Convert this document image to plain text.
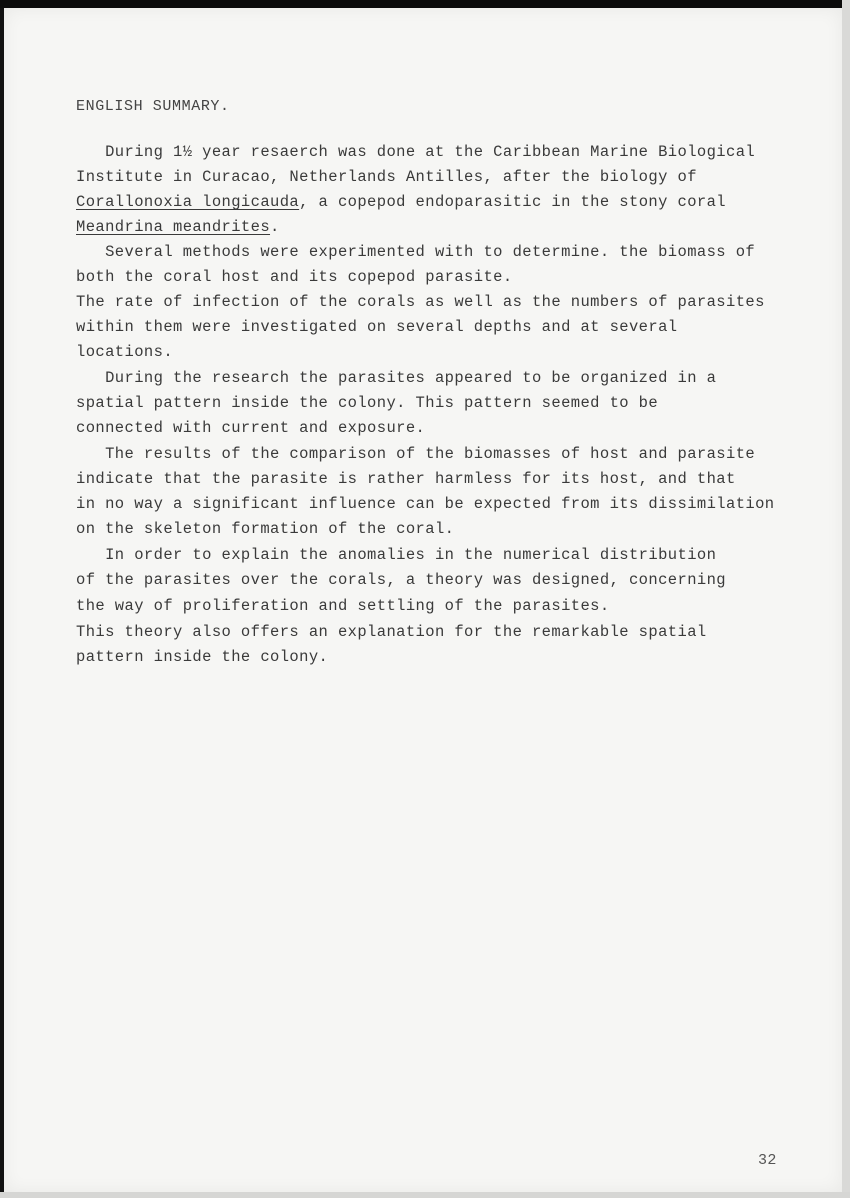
ENGLISH SUMMARY.
During 1½ year resaerch was done at the Caribbean Marine Biological
Institute in Curacao, Netherlands Antilles, after the biology of
Corallonoxia longicauda, a copepod endoparasitic in the stony coral
Meandrina meandrites.
Several methods were experimented with to determine. the biomass of
both the coral host and its copepod parasite.
The rate of infection of the corals as well as the numbers of parasites
within them were investigated on several depths and at several
locations.
During the research the parasites appeared to be organized in a
spatial pattern inside the colony. This pattern seemed to be
connected with current and exposure.
The results of the comparison of the biomasses of host and parasite
indicate that the parasite is rather harmless for its host, and that
in no way a significant influence can be expected from its dissimilation
on the skeleton formation of the coral.
In order to explain the anomalies in the numerical distribution
of the parasites over the corals, a theory was designed, concerning
the way of proliferation and settling of the parasites.
This theory also offers an explanation for the remarkable spatial
pattern inside the colony.
32
